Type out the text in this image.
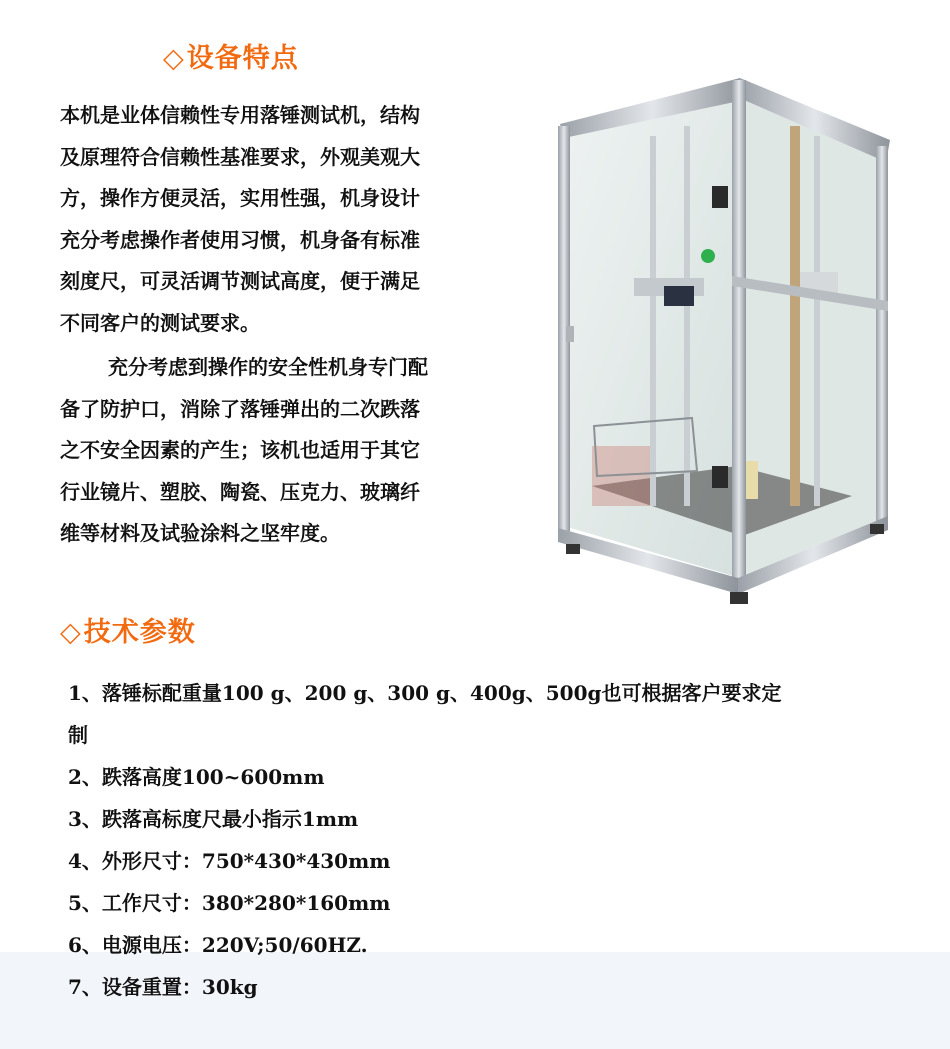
◇设备特点

本机是业体信赖性专用落锤测试机，结构

及原理符合信赖性基准要求，外观美观大

方，操作方便灵活，实用性强，机身设计

充分考虑操作者使用习惯，机身备有标准

刻度尺，可灵活调节测试高度，便于满足

不同客户的测试要求。

充分考虑到操作的安全性机身专门配

备了防护口，消除了落锤弹出的二次跌落

之不安全因素的产生；该机也适用于其它

行业镜片、塑胶、陶瓷、压克力、玻璃纤

维等材料及试验涂料之坚牢度。

◇技术参数
1、落锤标配重量100 g、200 g、300 g、400g、500g也可根据客户要求定
制
2、跌落高度100~600mm
3、跌落高标度尺最小指示1mm
4、外形尺寸：750*430*430mm
5、工作尺寸：380*280*160mm
6、电源电压：220V;50/60HZ.
7、设备重置：30kg
